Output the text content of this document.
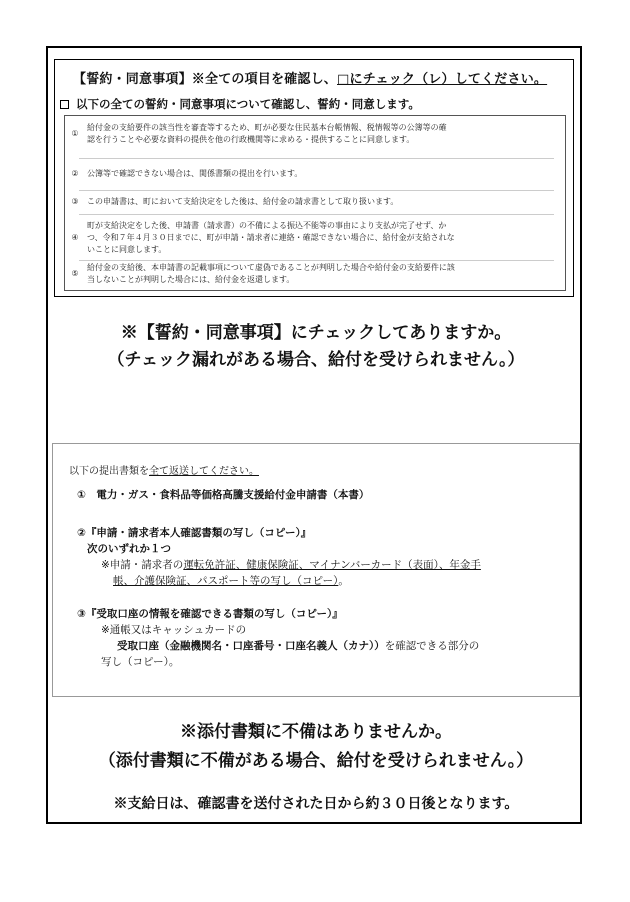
【誓約・同意事項】※全ての項目を確認し、□にチェック（レ）してください。
以下の全ての誓約・同意事項について確認し、誓約・同意します。
①
給付金の支給要件の該当性を審査等するため、町が必要な住民基本台帳情報、税情報等の公簿等の確
認を行うことや必要な資料の提供を他の行政機関等に求める・提供することに同意します。
②	公簿等で確認できない場合は、関係書類の提出を行います。
③	この申請書は、町において支給決定をした後は、給付金の請求書として取り扱います。
④
町が支給決定をした後、申請書（請求書）の不備による振込不能等の事由により支払が完了せず、か
つ、令和７年４月３０日までに、町が申請・請求者に連絡・確認できない場合に、給付金が支給されな
いことに同意します。
⑤
給付金の支給後、本申請書の記載事項について虚偽であることが判明した場合や給付金の支給要件に該
当しないことが判明した場合には、給付金を返還します。
※【誓約・同意事項】にチェックしてありますか。
（チェック漏れがある場合、給付を受けられません。）
以下の提出書類を全て返送してください。
①　電力・ガス・食料品等価格高騰支援給付金申請書（本書）
②『申請・請求者本人確認書類の写し（コピー）』
次のいずれか１つ
※申請・請求者の運転免許証、健康保険証、マイナンバーカード（表面）、年金手
帳、介護保険証、パスポート等の写し（コピー）。
③『受取口座の情報を確認できる書類の写し（コピー）』
※通帳又はキャッシュカードの
受取口座（金融機関名・口座番号・口座名義人（カナ））を確認できる部分の
写し（コピー）。
※添付書類に不備はありませんか。
（添付書類に不備がある場合、給付を受けられません。）
※支給日は、確認書を送付された日から約３０日後となります。
